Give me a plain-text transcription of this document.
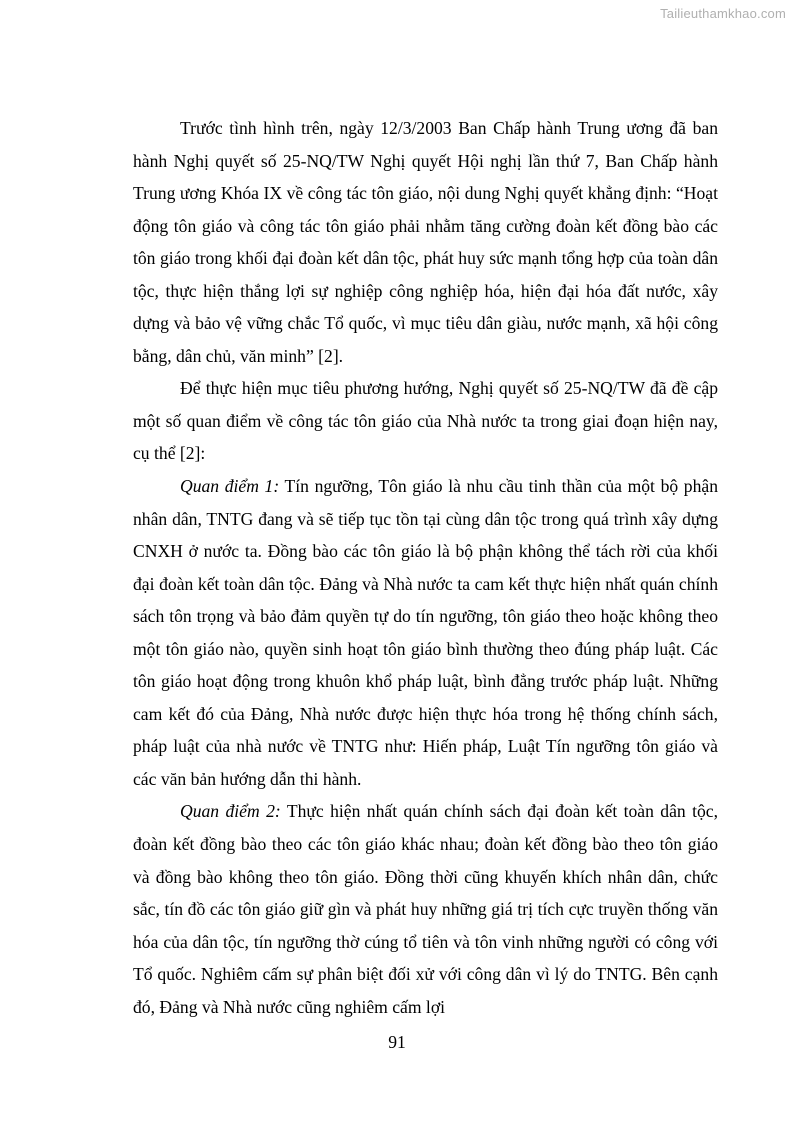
Tailieuthamkhao.com

Trước tình hình trên, ngày 12/3/2003 Ban Chấp hành Trung ương đã ban hành Nghị quyết số 25-NQ/TW Nghị quyết Hội nghị lần thứ 7, Ban Chấp hành Trung ương Khóa IX về công tác tôn giáo, nội dung Nghị quyết khẳng định: “Hoạt động tôn giáo và công tác tôn giáo phải nhằm tăng cường đoàn kết đồng bào các tôn giáo trong khối đại đoàn kết dân tộc, phát huy sức mạnh tổng hợp của toàn dân tộc, thực hiện thắng lợi sự nghiệp công nghiệp hóa, hiện đại hóa đất nước, xây dựng và bảo vệ vững chắc Tổ quốc, vì mục tiêu dân giàu, nước mạnh, xã hội công bằng, dân chủ, văn minh” [2].

Để thực hiện mục tiêu phương hướng, Nghị quyết số 25-NQ/TW đã đề cập một số quan điểm về công tác tôn giáo của Nhà nước ta trong giai đoạn hiện nay, cụ thể [2]:

Quan điểm 1: Tín ngưỡng, Tôn giáo là nhu cầu tinh thần của một bộ phận nhân dân, TNTG đang và sẽ tiếp tục tồn tại cùng dân tộc trong quá trình xây dựng CNXH ở nước ta. Đồng bào các tôn giáo là bộ phận không thể tách rời của khối đại đoàn kết toàn dân tộc. Đảng và Nhà nước ta cam kết thực hiện nhất quán chính sách tôn trọng và bảo đảm quyền tự do tín ngưỡng, tôn giáo theo hoặc không theo một tôn giáo nào, quyền sinh hoạt tôn giáo bình thường theo đúng pháp luật. Các tôn giáo hoạt động trong khuôn khổ pháp luật, bình đẳng trước pháp luật. Những cam kết đó của Đảng, Nhà nước được hiện thực hóa trong hệ thống chính sách, pháp luật của nhà nước về TNTG như: Hiến pháp, Luật Tín ngưỡng tôn giáo và các văn bản hướng dẫn thi hành.

Quan điểm 2: Thực hiện nhất quán chính sách đại đoàn kết toàn dân tộc, đoàn kết đồng bào theo các tôn giáo khác nhau; đoàn kết đồng bào theo tôn giáo và đồng bào không theo tôn giáo. Đồng thời cũng khuyến khích nhân dân, chức sắc, tín đồ các tôn giáo giữ gìn và phát huy những giá trị tích cực truyền thống văn hóa của dân tộc, tín ngưỡng thờ cúng tổ tiên và tôn vinh những người có công với Tổ quốc. Nghiêm cấm sự phân biệt đối xử với công dân vì lý do TNTG. Bên cạnh đó, Đảng và Nhà nước cũng nghiêm cấm lợi

91
